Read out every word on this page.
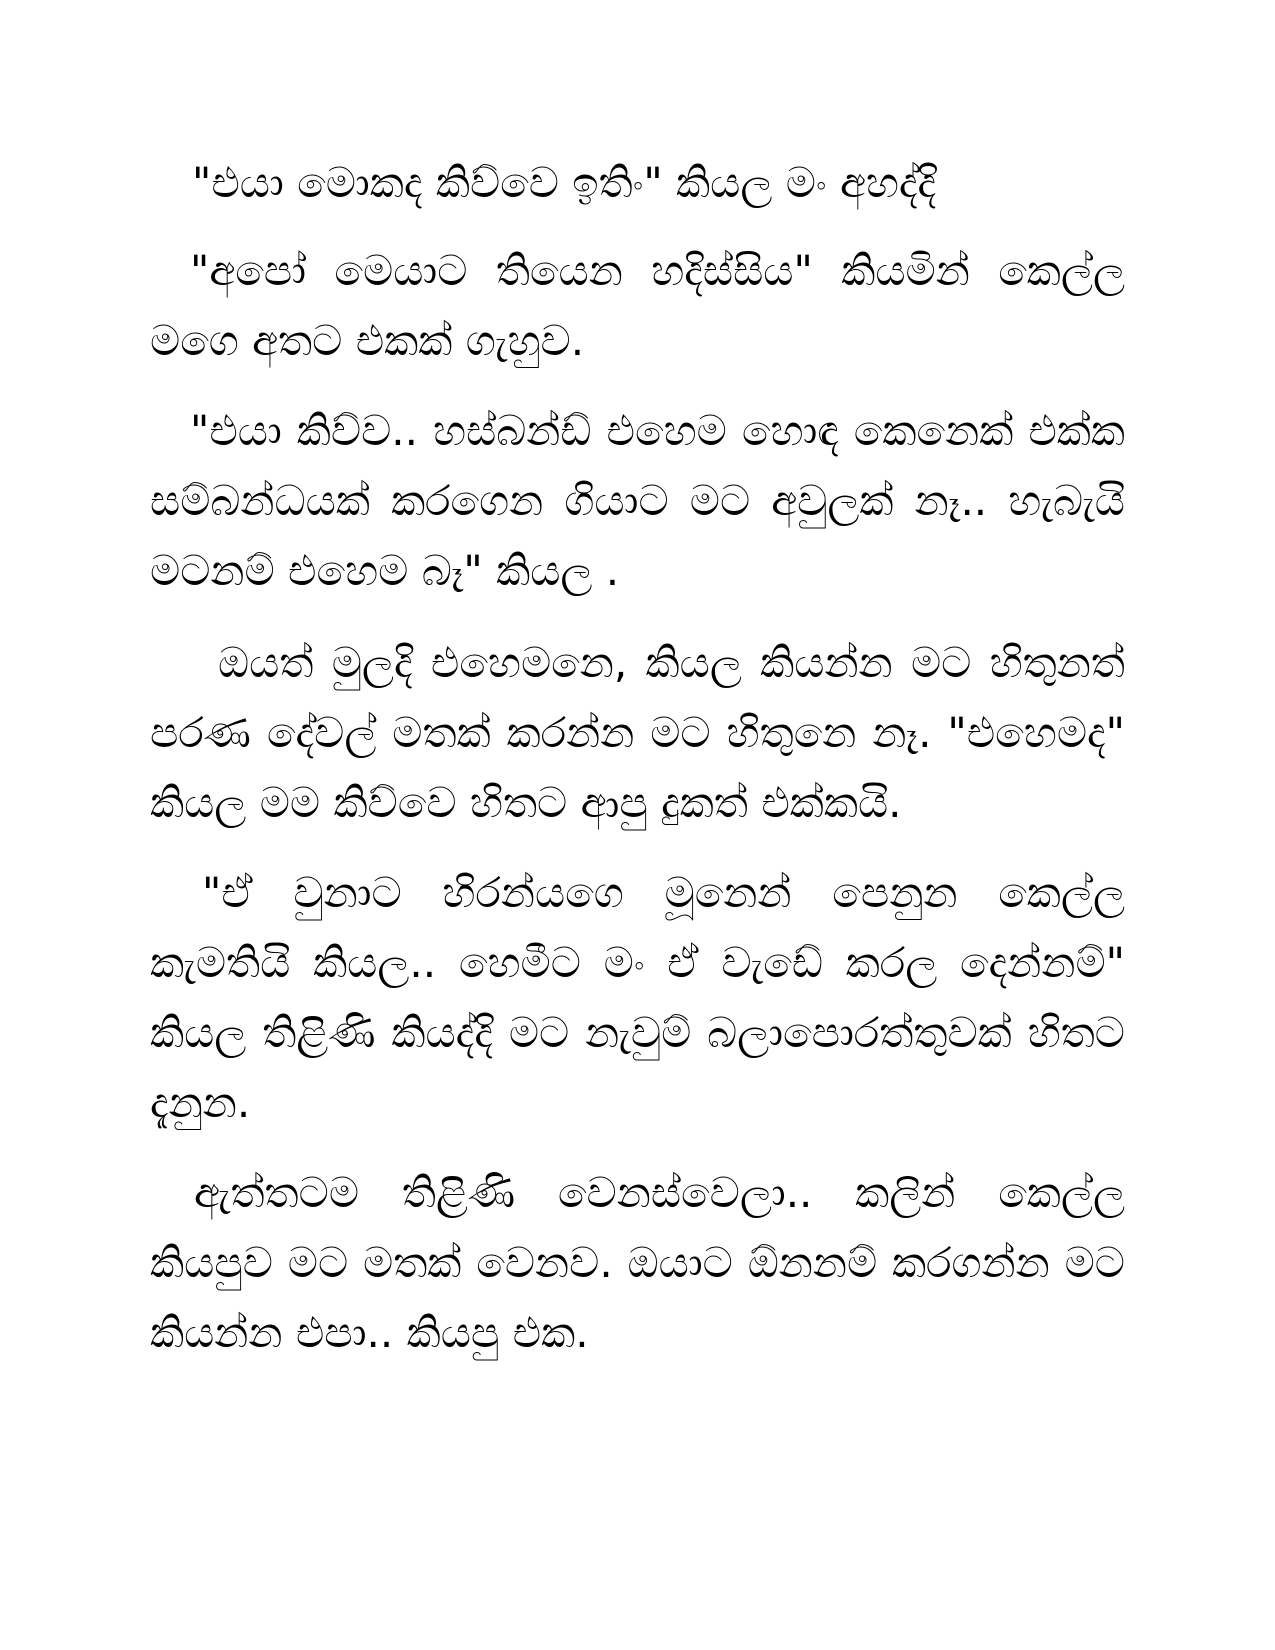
"එයා මොකද කිව්වෙ ඉතිං" කියල මං අහද්දි

"අපෝ මෙයාට තියෙන හදිස්සිය" කියමින් කෙල්ල මගෙ අතට එකක් ගැහුව.

"එයා කිව්ව.. හස්බන්ඩ් එහෙම හොඳ කෙනෙක් එක්ක සම්බන්ධයක් කරගෙන ගියාට මට අවුලක් නෑ.. හැබැයි මටනම් එහෙම බෑ" කියල .

ඔයත් මුලදි එහෙමනෙ, කියල කියන්න මට හිතුනත් පරණ දේවල් මතක් කරන්න මට හිතුනෙ නෑ. "එහෙමද" කියල මම කිව්වෙ හිතට ආපු දුකත් එක්කයි.

"ඒ වුනාට හිරන්යගෙ මූනෙන් පෙනුන කෙල්ල කැමතියි කියල.. හෙමීට මං ඒ වැඩේ කරල දෙන්නම්" කියල තිළිණි කියද්දි මට නැවුම් බලාපොරත්තුවක් හිතට දැනුන.

ඇත්තටම තිළිණි වෙනස්වෙලා.. කලින් කෙල්ල කියපුව මට මතක් වෙනව. ඔයාට ඕනනම් කරගන්න මට කියන්න එපා.. කියපු එක.
